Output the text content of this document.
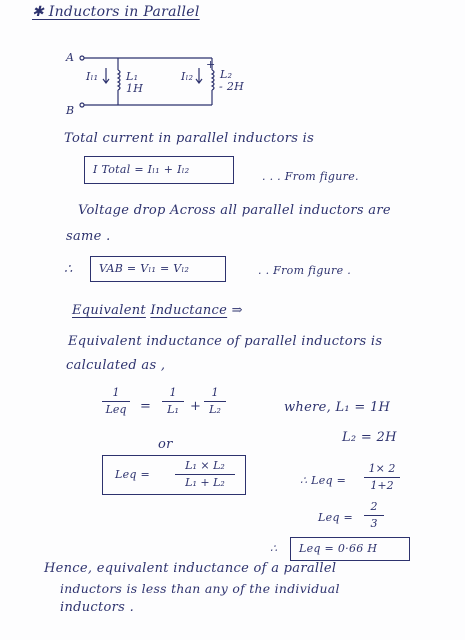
✱ Inductors in Parallel
A
B
Iₗ₁	Iₗ₂
L₁
1H
+
L₂
- 2H
Total current in parallel inductors is
I Total = Iₗ₁ + Iₗ₂
. . . From figure.
Voltage drop Across all parallel inductors are
same .
∴ VAB = Vₗ₁ = Vₗ₂	. . From figure .
Equivalent Inductance ⇒
Equivalent inductance of parallel inductors is
calculated as ,
1
Leq =
1
L₁ +
1
L₂	where, L₁ = 1H
L₂ = 2H
or
Leq =
L₁ × L₂
L₁ + L₂	∴ Leq =
1× 2
1+2
Leq =
2
3
∴ Leq = 0·66 H
Hence, equivalent inductance of a parallel
inductors is less than any of the individual
inductors .
